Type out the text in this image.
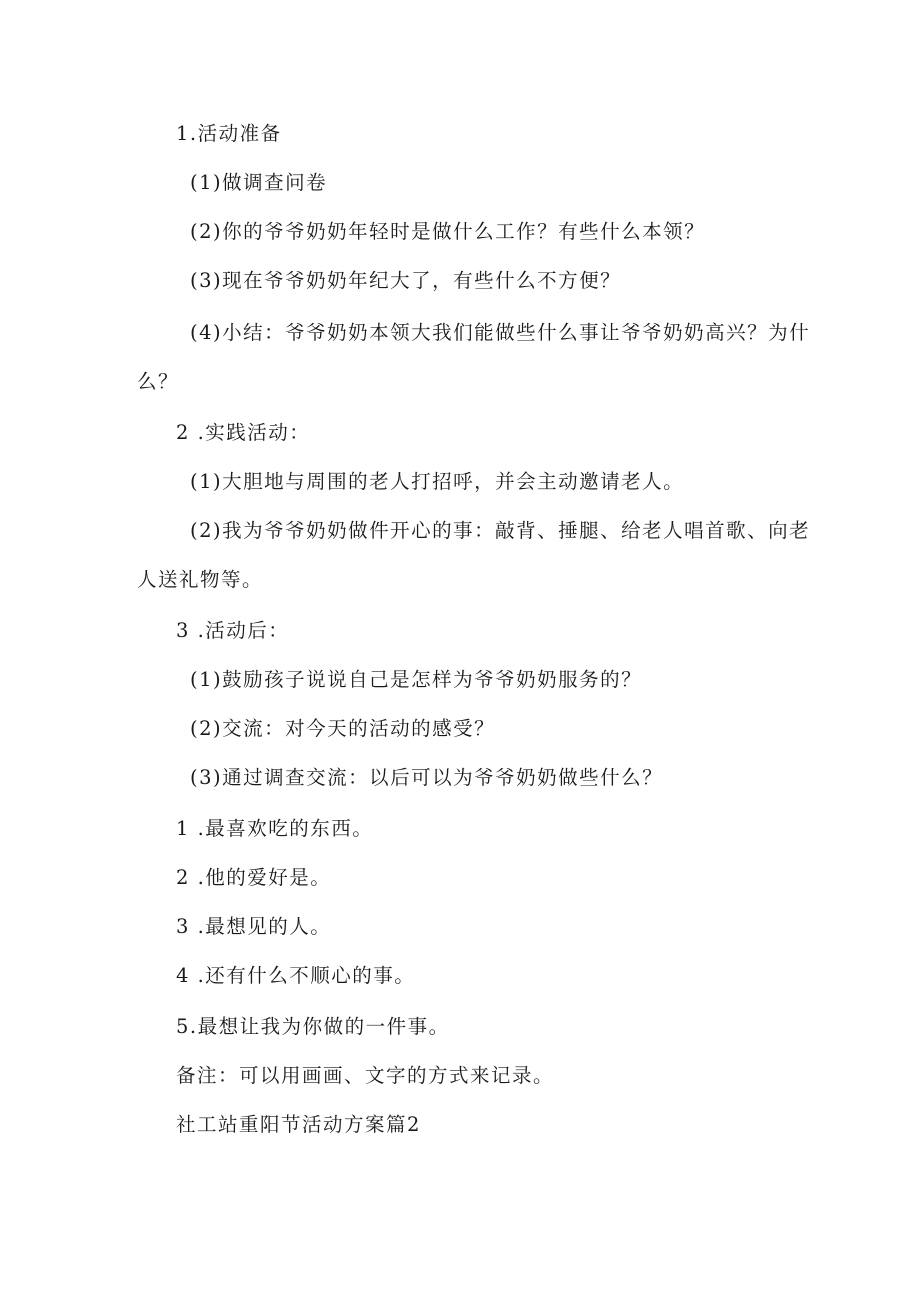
1.活动准备
(1)做调查问卷
(2)你的爷爷奶奶年轻时是做什么工作？有些什么本领？
(3)现在爷爷奶奶年纪大了，有些什么不方便？
(4)小结：爷爷奶奶本领大我们能做些什么事让爷爷奶奶高兴？为什
么？
2 .实践活动：
(1)大胆地与周围的老人打招呼，并会主动邀请老人。
(2)我为爷爷奶奶做件开心的事：敲背、捶腿、给老人唱首歌、向老
人送礼物等。
3 .活动后：
(1)鼓励孩子说说自己是怎样为爷爷奶奶服务的？
(2)交流：对今天的活动的感受？
(3)通过调查交流：以后可以为爷爷奶奶做些什么？
1 .最喜欢吃的东西。
2 .他的爱好是。
3 .最想见的人。
4 .还有什么不顺心的事。
5.最想让我为你做的一件事。
备注：可以用画画、文字的方式来记录。
社工站重阳节活动方案篇2
